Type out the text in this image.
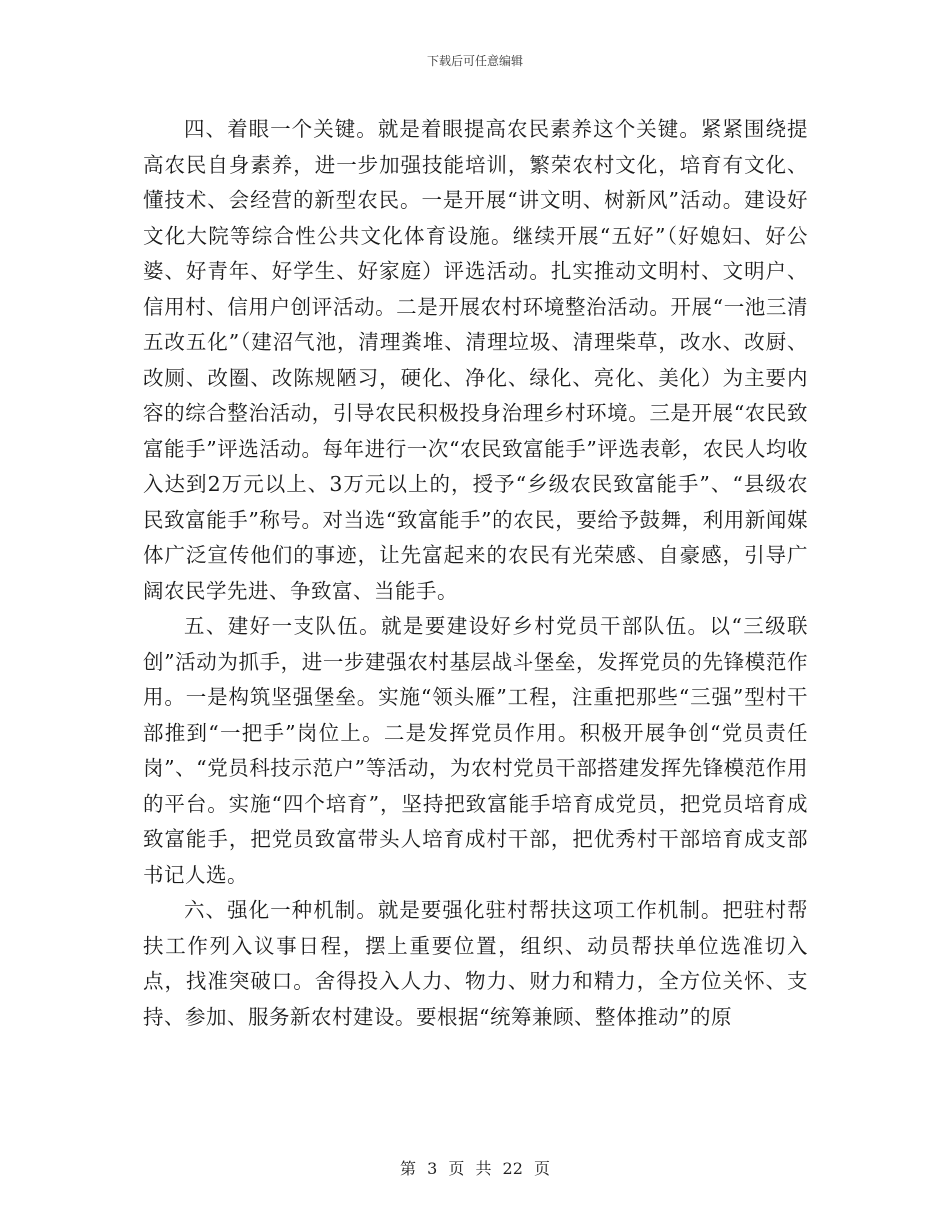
下载后可任意编辑

四、着眼一个关键。就是着眼提高农民素养这个关键。紧紧围绕提高农民自身素养，进一步加强技能培训，繁荣农村文化，培育有文化、懂技术、会经营的新型农民。一是开展“讲文明、树新风”活动。建设好文化大院等综合性公共文化体育设施。继续开展“五好”（好媳妇、好公婆、好青年、好学生、好家庭）评选活动。扎实推动文明村、文明户、信用村、信用户创评活动。二是开展农村环境整治活动。开展“一池三清五改五化”（建沼气池，清理粪堆、清理垃圾、清理柴草，改水、改厨、改厕、改圈、改陈规陋习，硬化、净化、绿化、亮化、美化）为主要内容的综合整治活动，引导农民积极投身治理乡村环境。三是开展“农民致富能手”评选活动。每年进行一次“农民致富能手”评选表彰，农民人均收入达到2万元以上、3万元以上的，授予“乡级农民致富能手”、“县级农民致富能手”称号。对当选“致富能手”的农民，要给予鼓舞，利用新闻媒体广泛宣传他们的事迹，让先富起来的农民有光荣感、自豪感，引导广阔农民学先进、争致富、当能手。

五、建好一支队伍。就是要建设好乡村党员干部队伍。以“三级联创”活动为抓手，进一步建强农村基层战斗堡垒，发挥党员的先锋模范作用。一是构筑坚强堡垒。实施“领头雁”工程，注重把那些“三强”型村干部推到“一把手”岗位上。二是发挥党员作用。积极开展争创“党员责任岗”、“党员科技示范户”等活动，为农村党员干部搭建发挥先锋模范作用的平台。实施“四个培育”，坚持把致富能手培育成党员，把党员培育成致富能手，把党员致富带头人培育成村干部，把优秀村干部培育成支部书记人选。

六、强化一种机制。就是要强化驻村帮扶这项工作机制。把驻村帮扶工作列入议事日程，摆上重要位置，组织、动员帮扶单位选准切入点，找准突破口。舍得投入人力、物力、财力和精力，全方位关怀、支持、参加、服务新农村建设。要根据“统筹兼顾、整体推动”的原

第 3 页 共 22 页
